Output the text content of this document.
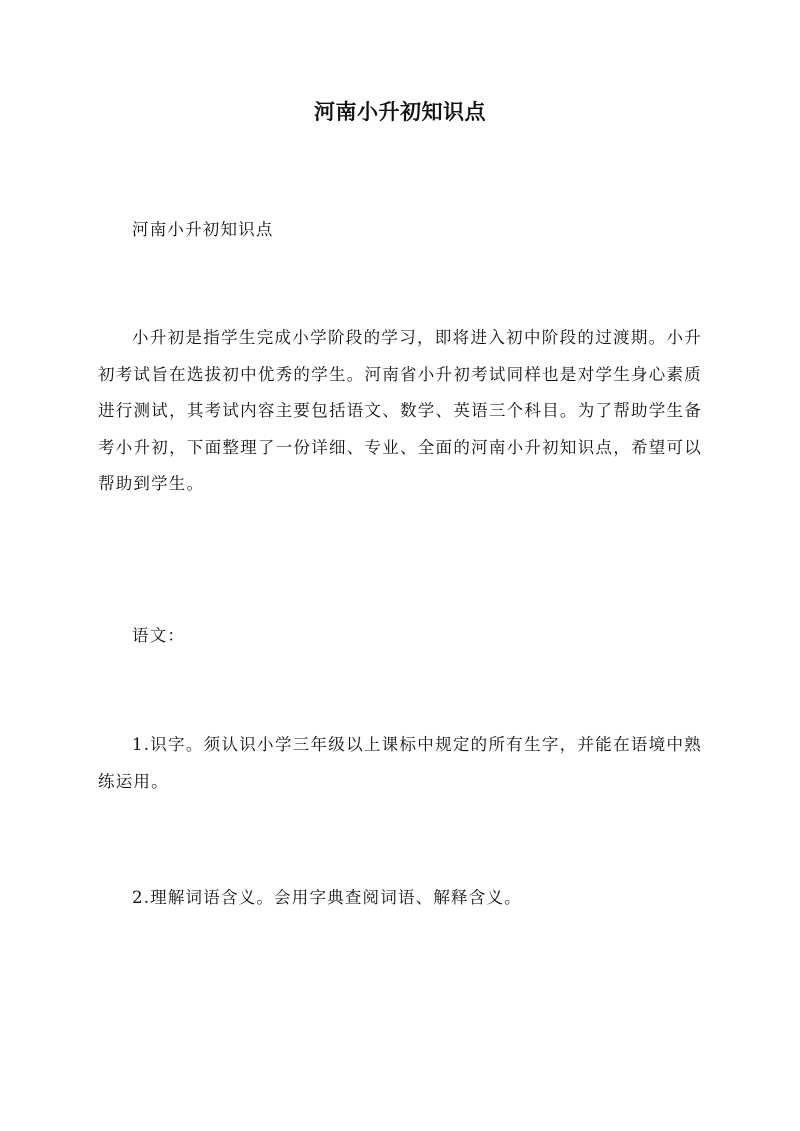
河南小升初知识点
河南小升初知识点
小升初是指学生完成小学阶段的学习，即将进入初中阶段的过渡期。小升初考试旨在选拔初中优秀的学生。河南省小升初考试同样也是对学生身心素质进行测试，其考试内容主要包括语文、数学、英语三个科目。为了帮助学生备考小升初，下面整理了一份详细、专业、全面的河南小升初知识点，希望可以帮助到学生。
语文：
1.识字。须认识小学三年级以上课标中规定的所有生字，并能在语境中熟练运用。
2.理解词语含义。会用字典查阅词语、解释含义。
